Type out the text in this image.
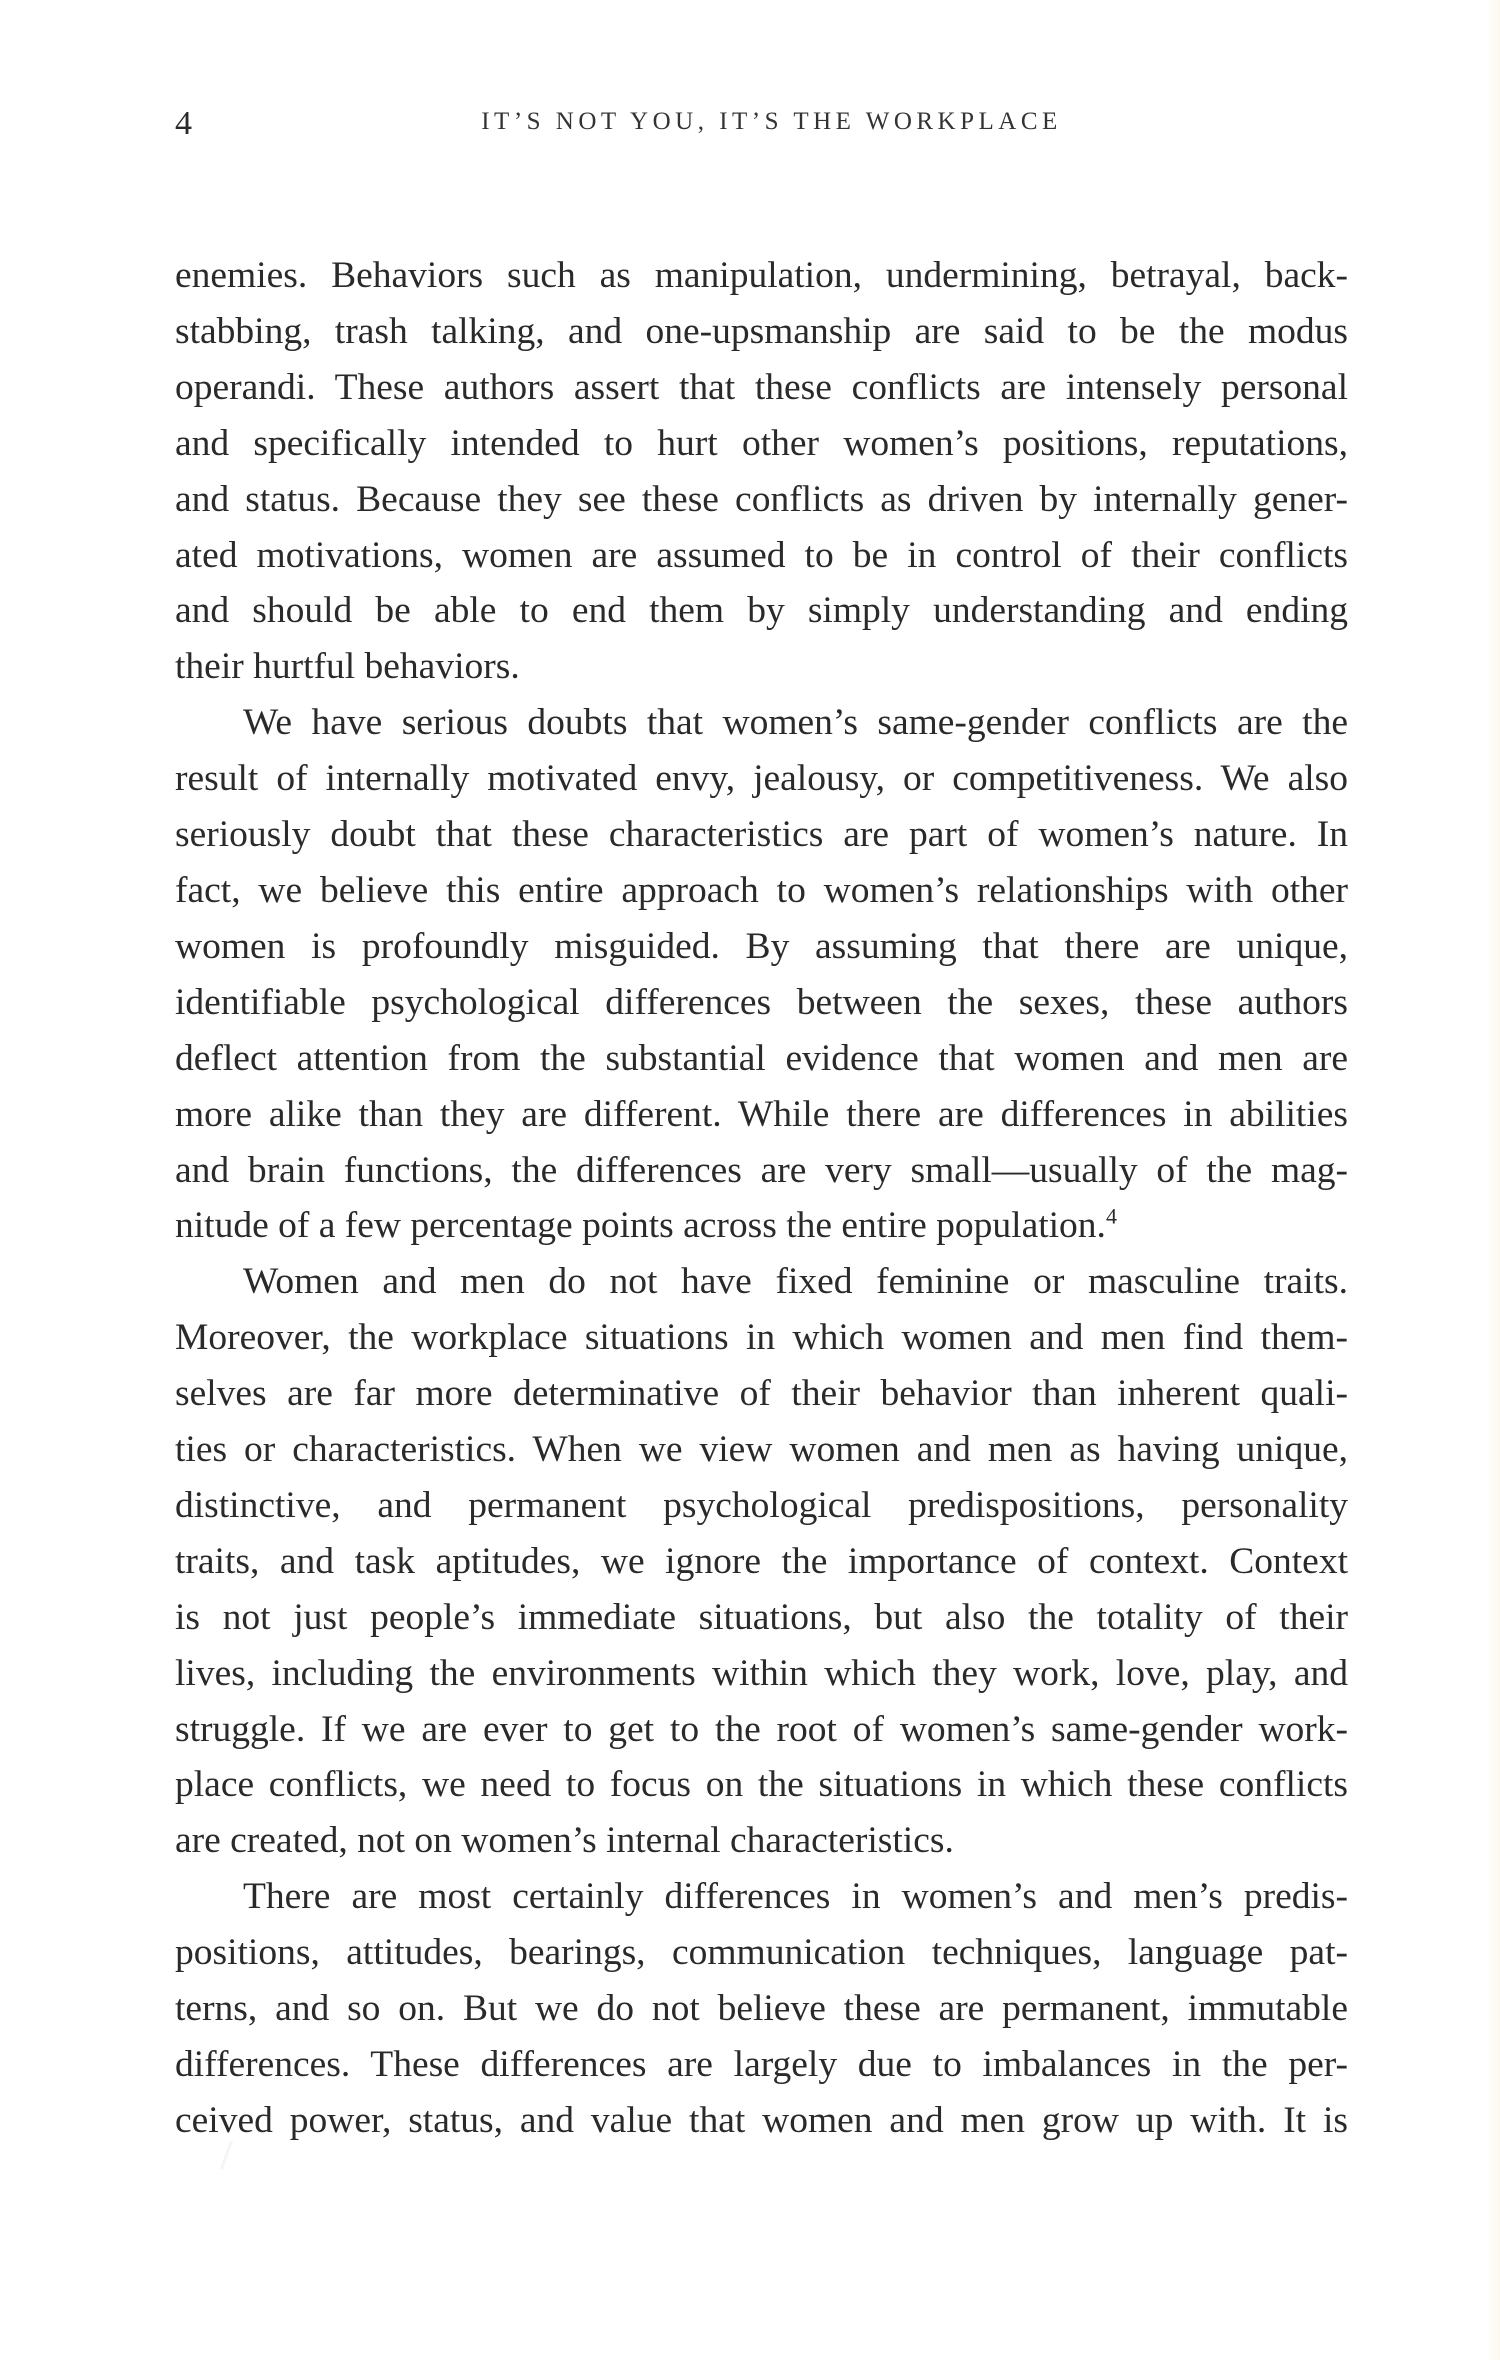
4	IT’S NOT YOU, IT’S THE WORKPLACE

enemies. Behaviors such as manipulation, undermining, betrayal, back-
stabbing, trash talking, and one-upsmanship are said to be the modus
operandi. These authors assert that these conflicts are intensely personal
and specifically intended to hurt other women’s positions, reputations,
and status. Because they see these conflicts as driven by internally gener-
ated motivations, women are assumed to be in control of their conflicts
and should be able to end them by simply understanding and ending
their hurtful behaviors.

We have serious doubts that women’s same-gender conflicts are the
result of internally motivated envy, jealousy, or competitiveness. We also
seriously doubt that these characteristics are part of women’s nature. In
fact, we believe this entire approach to women’s relationships with other
women is profoundly misguided. By assuming that there are unique,
identifiable psychological differences between the sexes, these authors
deflect attention from the substantial evidence that women and men are
more alike than they are different. While there are differences in abilities
and brain functions, the differences are very small—usually of the mag-
nitude of a few percentage points across the entire population.$^4$

Women and men do not have fixed feminine or masculine traits.
Moreover, the workplace situations in which women and men find them-
selves are far more determinative of their behavior than inherent quali-
ties or characteristics. When we view women and men as having unique,
distinctive, and permanent psychological predispositions, personality
traits, and task aptitudes, we ignore the importance of context. Context
is not just people’s immediate situations, but also the totality of their
lives, including the environments within which they work, love, play, and
struggle. If we are ever to get to the root of women’s same-gender work-
place conflicts, we need to focus on the situations in which these conflicts
are created, not on women’s internal characteristics.

There are most certainly differences in women’s and men’s predis-
positions, attitudes, bearings, communication techniques, language pat-
terns, and so on. But we do not believe these are permanent, immutable
differences. These differences are largely due to imbalances in the per-
ceived power, status, and value that women and men grow up with. It is
